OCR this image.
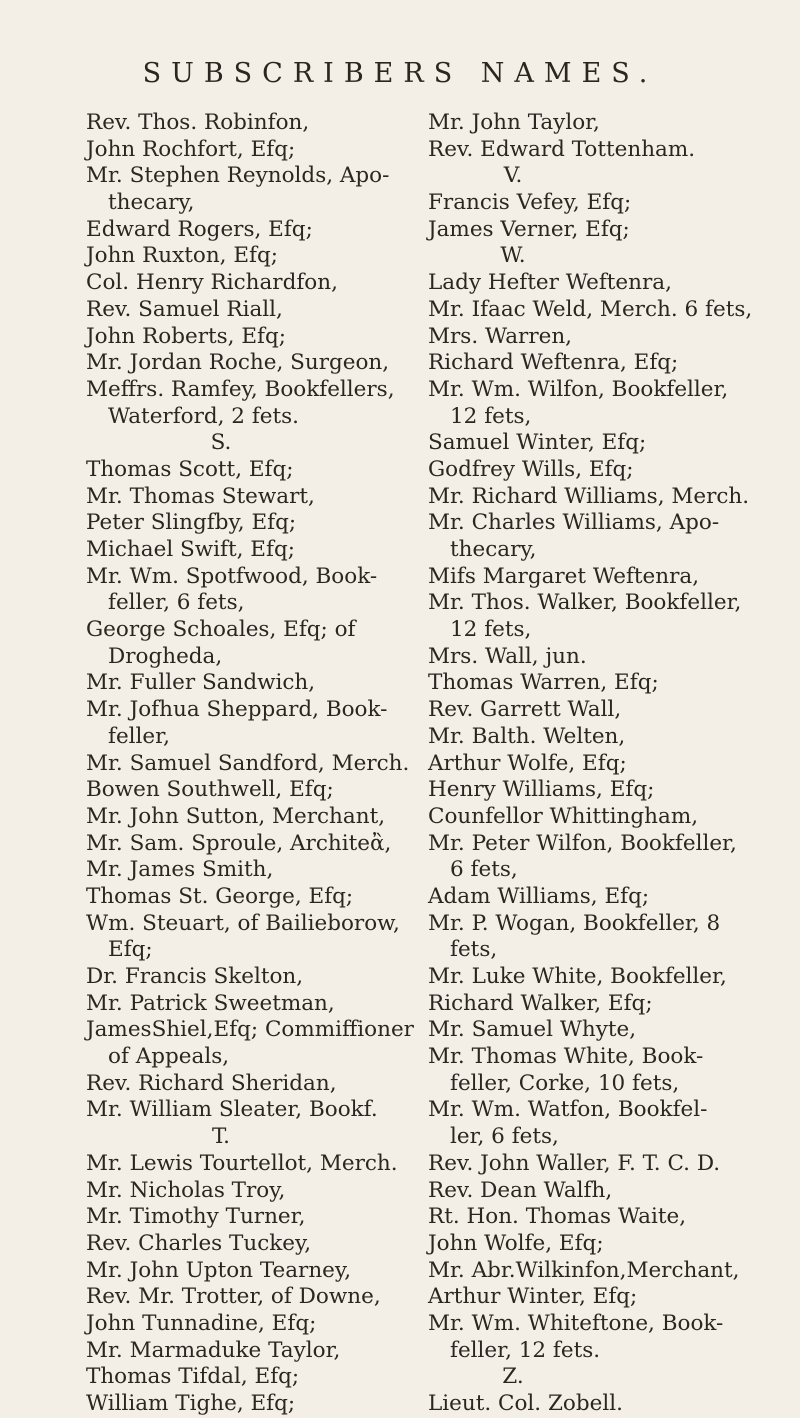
SUBSCRIBERS NAMES.
Rev. Thos. Robinfon,
John Rochfort, Efq;
Mr. Stephen Reynolds, Apo-
thecary,
Edward Rogers, Efq;
John Ruxton, Efq;
Col. Henry Richardfon,
Rev. Samuel Riall,
John Roberts, Efq;
Mr. Jordan Roche, Surgeon,
Meffrs. Ramfey, Bookfellers,
Waterford, 2 fets.
S.
Thomas Scott, Efq;
Mr. Thomas Stewart,
Peter Slingfby, Efq;
Michael Swift, Efq;
Mr. Wm. Spotfwood, Book-
feller, 6 fets,
George Schoales, Efq; of
Drogheda,
Mr. Fuller Sandwich,
Mr. Jofhua Sheppard, Book-
feller,
Mr. Samuel Sandford, Merch.
Bowen Southwell, Efq;
Mr. John Sutton, Merchant,
Mr. Sam. Sproule, Architeἂ,
Mr. James Smith,
Thomas St. George, Efq;
Wm. Steuart, of Bailieborow,
Efq;
Dr. Francis Skelton,
Mr. Patrick Sweetman,
JamesShiel,Efq; Commiffioner
of Appeals,
Rev. Richard Sheridan,
Mr. William Sleater, Bookf.
T.
Mr. Lewis Tourtellot, Merch.
Mr. Nicholas Troy,
Mr. Timothy Turner,
Rev. Charles Tuckey,
Mr. John Upton Tearney,
Rev. Mr. Trotter, of Downe,
John Tunnadine, Efq;
Mr. Marmaduke Taylor,
Thomas Tifdal, Efq;
William Tighe, Efq;
Mr. John Taylor,
Rev. Edward Tottenham.
V.
Francis Vefey, Efq;
James Verner, Efq;
W.
Lady Hefter Weftenra,
Mr. Ifaac Weld, Merch. 6 fets,
Mrs. Warren,
Richard Weftenra, Efq;
Mr. Wm. Wilfon, Bookfeller,
12 fets,
Samuel Winter, Efq;
Godfrey Wills, Efq;
Mr. Richard Williams, Merch.
Mr. Charles Williams, Apo-
thecary,
Mifs Margaret Weftenra,
Mr. Thos. Walker, Bookfeller,
12 fets,
Mrs. Wall, jun.
Thomas Warren, Efq;
Rev. Garrett Wall,
Mr. Balth. Welten,
Arthur Wolfe, Efq;
Henry Williams, Efq;
Counfellor Whittingham,
Mr. Peter Wilfon, Bookfeller,
6 fets,
Adam Williams, Efq;
Mr. P. Wogan, Bookfeller, 8
fets,
Mr. Luke White, Bookfeller,
Richard Walker, Efq;
Mr. Samuel Whyte,
Mr. Thomas White, Book-
feller, Corke, 10 fets,
Mr. Wm. Watfon, Bookfel-
ler, 6 fets,
Rev. John Waller, F. T. C. D.
Rev. Dean Walfh,
Rt. Hon. Thomas Waite,
John Wolfe, Efq;
Mr. Abr.Wilkinfon,Merchant,
Arthur Winter, Efq;
Mr. Wm. Whiteftone, Book-
feller, 12 fets.
Z.
Lieut. Col. Zobell.
